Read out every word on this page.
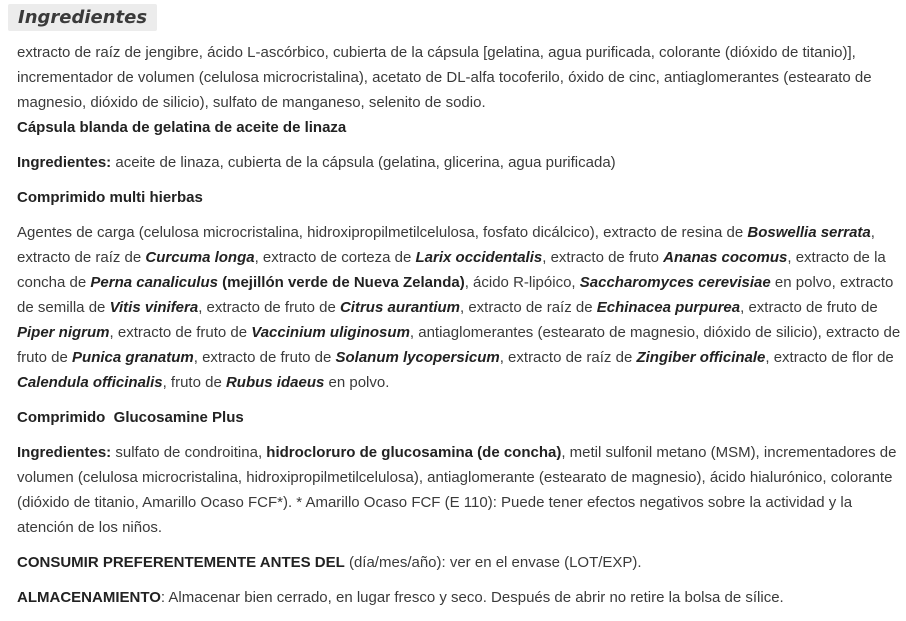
Ingredientes

extracto de raíz de jengibre, ácido L-ascórbico, cubierta de la cápsula [gelatina, agua purificada, colorante (dióxido de titanio)], incrementador de volumen (celulosa microcristalina), acetato de DL-alfa tocoferilo, óxido de cinc, antiaglomerantes (estearato de magnesio, dióxido de silicio), sulfato de manganeso, selenito de sodio.

Cápsula blanda de gelatina de aceite de linaza

Ingredientes: aceite de linaza, cubierta de la cápsula (gelatina, glicerina, agua purificada)

Comprimido multi hierbas

Agentes de carga (celulosa microcristalina, hidroxipropilmetilcelulosa, fosfato dicálcico), extracto de resina de Boswellia serrata, extracto de raíz de Curcuma longa, extracto de corteza de Larix occidentalis, extracto de fruto Ananas cocomus, extracto de la concha de Perna canaliculus (mejillón verde de Nueva Zelanda), ácido R-lipóico, Saccharomyces cerevisiae en polvo, extracto de semilla de Vitis vinifera, extracto de fruto de Citrus aurantium, extracto de raíz de Echinacea purpurea, extracto de fruto de Piper nigrum, extracto de fruto de Vaccinium uliginosum, antiaglomerantes (estearato de magnesio, dióxido de silicio), extracto de fruto de Punica granatum, extracto de fruto de Solanum lycopersicum, extracto de raíz de Zingiber officinale, extracto de flor de Calendula officinalis, fruto de Rubus idaeus en polvo.

Comprimido  Glucosamine Plus

Ingredientes: sulfato de condroitina, hidrocloruro de glucosamina (de concha), metil sulfonil metano (MSM), incrementadores de volumen (celulosa microcristalina, hidroxipropilmetilcelulosa), antiaglomerante (estearato de magnesio), ácido hialurónico, colorante (dióxido de titanio, Amarillo Ocaso FCF*). * Amarillo Ocaso FCF (E 110): Puede tener efectos negativos sobre la actividad y la atención de los niños.

CONSUMIR PREFERENTEMENTE ANTES DEL (día/mes/año): ver en el envase (LOT/EXP).

ALMACENAMIENTO: Almacenar bien cerrado, en lugar fresco y seco. Después de abrir no retire la bolsa de sílice.
